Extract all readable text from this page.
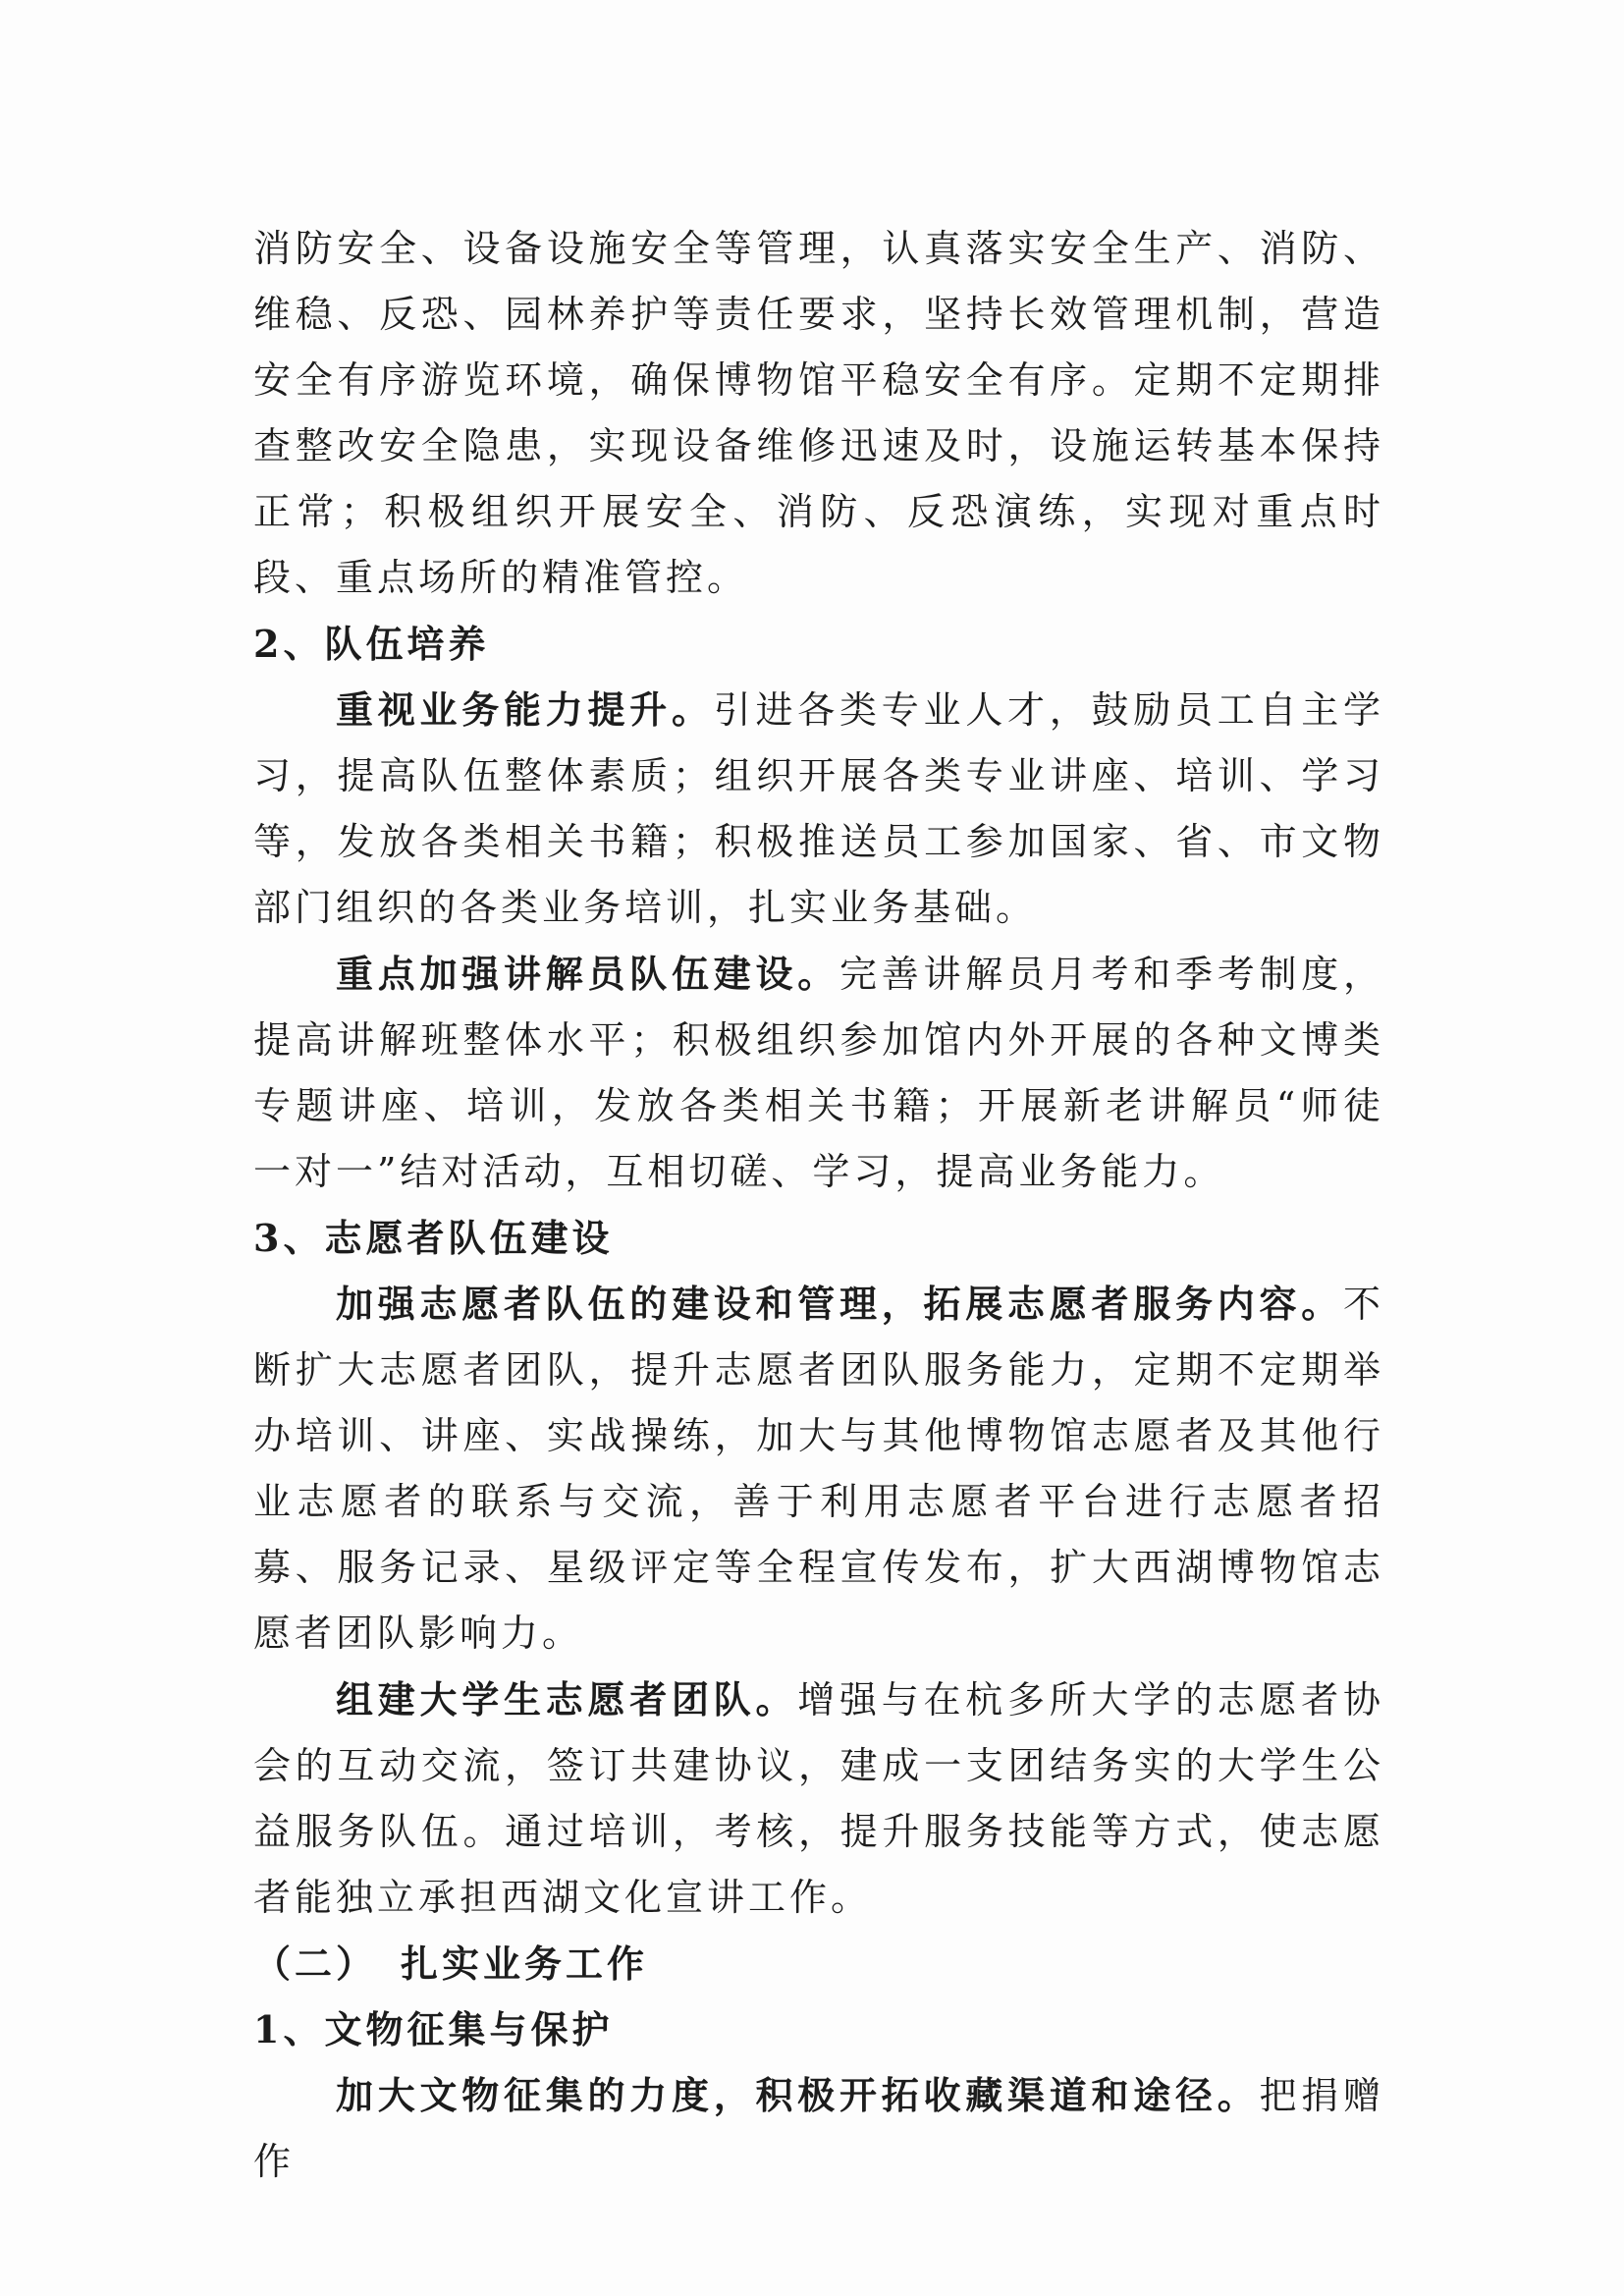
消防安全、设备设施安全等管理，认真落实安全生产、消防、维稳、反恐、园林养护等责任要求，坚持长效管理机制，营造安全有序游览环境，确保博物馆平稳安全有序。定期不定期排查整改安全隐患，实现设备维修迅速及时，设施运转基本保持正常；积极组织开展安全、消防、反恐演练，实现对重点时段、重点场所的精准管控。

2、队伍培养

重视业务能力提升。引进各类专业人才，鼓励员工自主学习，提高队伍整体素质；组织开展各类专业讲座、培训、学习等，发放各类相关书籍；积极推送员工参加国家、省、市文物部门组织的各类业务培训，扎实业务基础。

重点加强讲解员队伍建设。完善讲解员月考和季考制度，提高讲解班整体水平；积极组织参加馆内外开展的各种文博类专题讲座、培训，发放各类相关书籍；开展新老讲解员“师徒一对一”结对活动，互相切磋、学习，提高业务能力。

3、志愿者队伍建设

加强志愿者队伍的建设和管理，拓展志愿者服务内容。不断扩大志愿者团队，提升志愿者团队服务能力，定期不定期举办培训、讲座、实战操练，加大与其他博物馆志愿者及其他行业志愿者的联系与交流，善于利用志愿者平台进行志愿者招募、服务记录、星级评定等全程宣传发布，扩大西湖博物馆志愿者团队影响力。

组建大学生志愿者团队。增强与在杭多所大学的志愿者协会的互动交流，签订共建协议，建成一支团结务实的大学生公益服务队伍。通过培训，考核，提升服务技能等方式，使志愿者能独立承担西湖文化宣讲工作。

（二） 扎实业务工作

1、文物征集与保护

加大文物征集的力度，积极开拓收藏渠道和途径。把捐赠作
